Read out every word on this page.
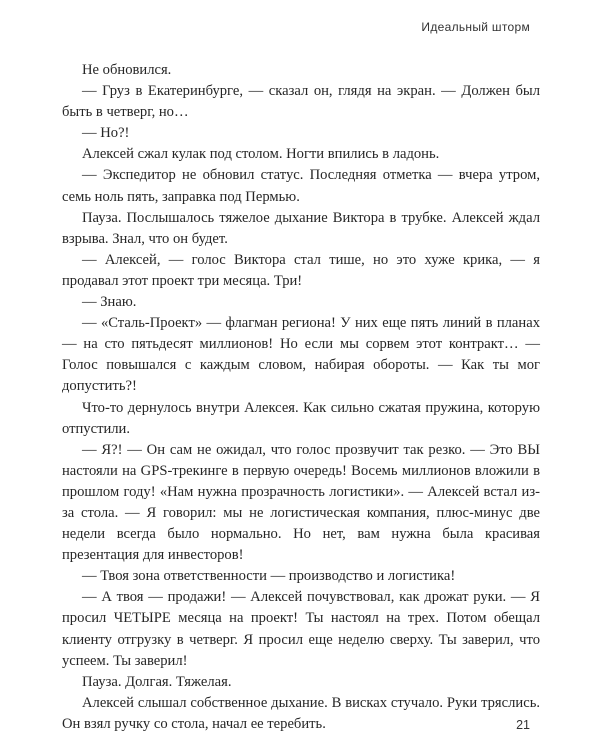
Идеальный шторм

Не обновился.

— Груз в Екатеринбурге, — сказал он, глядя на экран. — Должен был быть в четверг, но…

— Но?!

Алексей сжал кулак под столом. Ногти впились в ладонь.

— Экспедитор не обновил статус. Последняя отметка — вчера утром, семь ноль пять, заправка под Пермью.

Пауза. Послышалось тяжелое дыхание Виктора в трубке. Алексей ждал взрыва. Знал, что он будет.

— Алексей, — голос Виктора стал тише, но это хуже крика, — я продавал этот проект три месяца. Три!

— Знаю.

— «Сталь-Проект» — флагман региона! У них еще пять линий в планах — на сто пятьдесят миллионов! Но если мы сорвем этот контракт… — Голос повышался с каждым словом, набирая обороты. — Как ты мог допустить?!

Что-то дернулось внутри Алексея. Как сильно сжатая пружина, которую отпустили.

— Я?! — Он сам не ожидал, что голос прозвучит так резко. — Это ВЫ настояли на GPS-трекинге в первую очередь! Восемь миллионов вложили в прошлом году! «Нам нужна прозрачность логистики». — Алексей встал из-за стола. — Я говорил: мы не логистическая компания, плюс-минус две недели всегда было нормально. Но нет, вам нужна была красивая презентация для инвесторов!

— Твоя зона ответственности — производство и логистика!

— А твоя — продажи! — Алексей почувствовал, как дрожат руки. — Я просил ЧЕТЫРЕ месяца на проект! Ты настоял на трех. Потом обещал клиенту отгрузку в четверг. Я просил еще неделю сверху. Ты заверил, что успеем. Ты заверил!

Пауза. Долгая. Тяжелая.

Алексей слышал собственное дыхание. В висках стучало. Руки тряслись. Он взял ручку со стола, начал ее теребить.	21
